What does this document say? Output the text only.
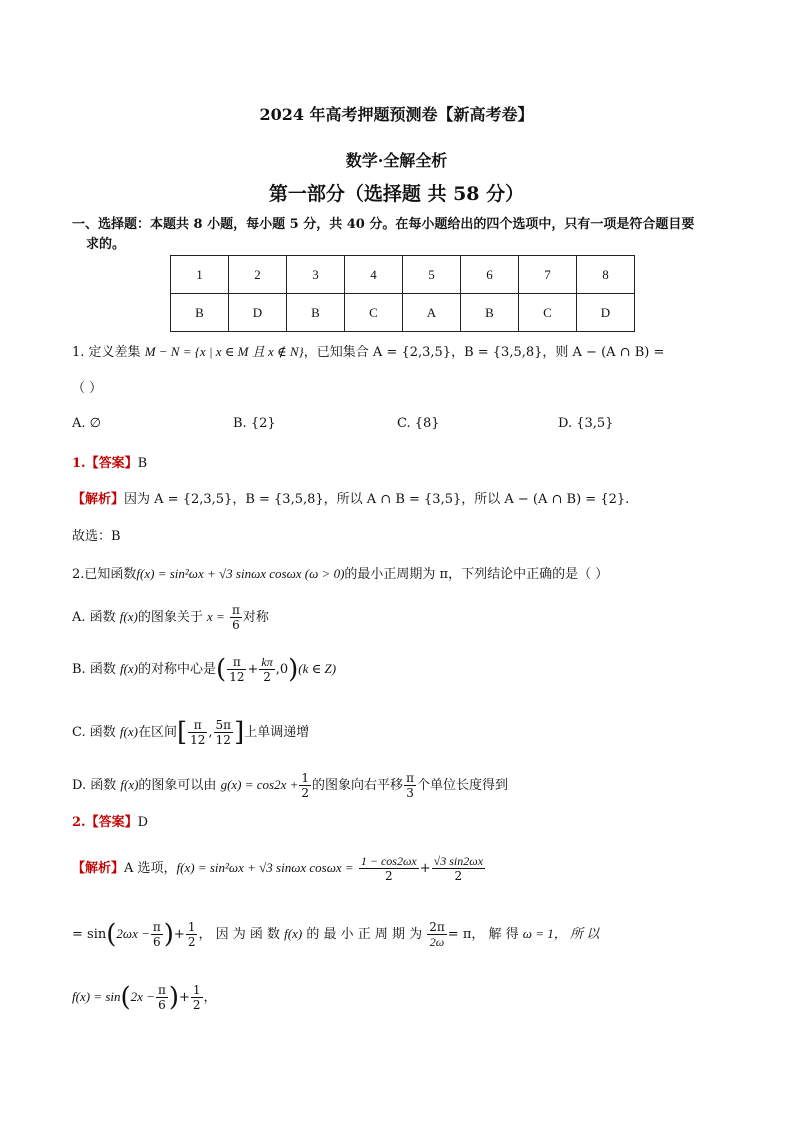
2024 年高考押题预测卷【新高考卷】
数学·全解全析
第一部分（选择题 共 58 分）
一、选择题：本题共 8 小题，每小题 5 分，共 40 分。在每小题给出的四个选项中，只有一项是符合题目要
求的。
1	2	3	4	5	6	7	8
B	D	B	C	A	B	C	D
1. 定义差集 M − N = {x | x ∈ M 且 x ∉ N}，已知集合 A = {2,3,5}，B = {3,5,8}，则 A − (A ∩ B) =
（ ）
A. ∅	B. {2}	C. {8}	D. {3,5}
1.【答案】B
【解析】因为 A = {2,3,5}，B = {3,5,8}，所以 A ∩ B = {3,5}，所以 A − (A ∩ B) = {2}.
故选：B
2.已知函数f(x) = sin²ωx + √3 sinωx cosωx (ω > 0)的最小正周期为 π，下列结论中正确的是（ ）
A. 函数 f(x)的图象关于 $x = \frac{\pi}{6}$ 对称
B. 函数 f(x)的对称中心是( $\frac{\pi}{12} + \frac{k\pi}{2} ,0)(k$ ∈ Z)
C. 函数 f(x)在区间[ $\frac{\pi}{12}$ , $\frac{5\pi}{12}$ ]上单调递增
D. 函数 f(x)的图象可以由 $g(x) = \cos 2x + \frac{1}{2}$ 的图象向右平移 $\frac{\pi}{3}$ 个单位长度得到
2.【答案】D
【解析】A 选项，f(x) = sin²ωx + √3 sinωx $\cos\omega x = \frac{1 - \cos 2\omega x}{2} + \frac{√3 \sin 2\omega x}{2}$
= $\sin(2\omega x - \frac{\pi}{6}$ )+ $\frac{1}{2}$ ， 因 为 函 数 f(x) 的 最 小 正 周 期 为 $\frac{2\pi}{2\omega} = \pi$， 解 得 ω = 1， 所 以
$f(x) = \sin(2x - \frac{\pi}{6}$ )+ $\frac{1}{2}$ ，
